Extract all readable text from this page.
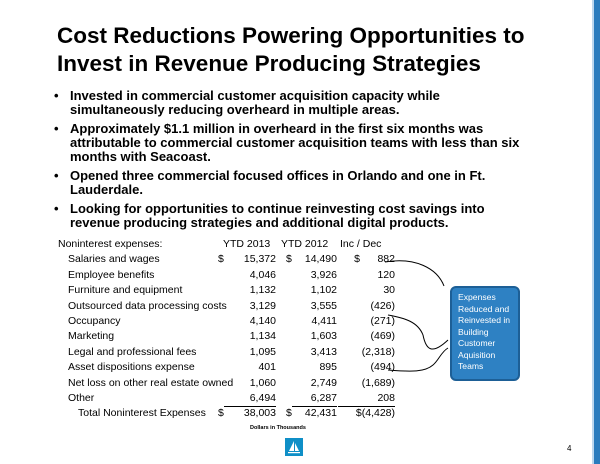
Cost Reductions Powering Opportunities to
Invest in Revenue Producing Strategies
• Invested in commercial customer acquisition capacity while
simultaneously reducing overheard in multiple areas.
• Approximately $1.1 million in overheard in the first six months was
attributable to commercial customer acquisition teams with less than six
months with Seacoast.
• Opened three commercial focused offices in Orlando and one in Ft.
Lauderdale.
• Looking for opportunities to continue reinvesting cost savings into
revenue producing strategies and additional digital products.
Noninterest expenses:	YTD 2013 YTD 2012 Inc / Dec
Salaries and wages	$	15,372 $	14,490	$      882
Employee benefits	4,046	3,926	120
Furniture and equipment	1,132	1,102	30
Outsourced data processing costs	3,129	3,555	(426)
Occupancy	4,140	4,411	(271)
Marketing	1,134	1,603	(469)
Legal and professional fees	1,095	3,413	(2,318)
Asset dispositions expense	401	895	(494)
Net loss on other real estate owned	1,060	2,749	(1,689)
Other	6,494	6,287	208
Total Noninterest Expenses $	38,003 $	42,431	$(4,428)
Expenses
Reduced and
Reinvested in
Building
Customer
Aquisition
Teams
Dollars in Thousands
4
